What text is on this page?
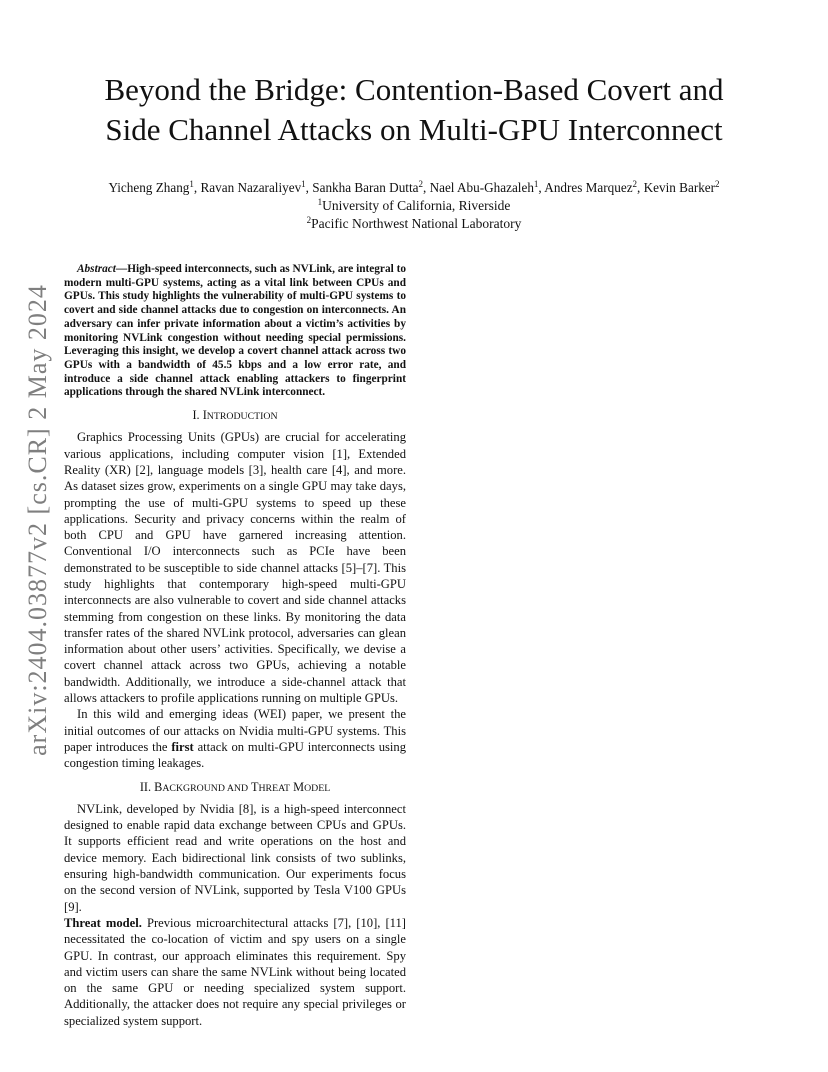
arXiv:2404.03877v2 [cs.CR] 2 May 2024
Beyond the Bridge: Contention-Based Covert and
Side Channel Attacks on Multi-GPU Interconnect
Yicheng Zhang$^1$, Ravan Nazaraliyev$^1$, Sankha Baran Dutta$^2$, Nael Abu-Ghazaleh$^1$, Andres Marquez$^2$, Kevin Barker$^2$
$^1$University of California, Riverside
$^2$Pacific Northwest National Laboratory

Abstract—High-speed interconnects, such as NVLink, are integral to modern multi-GPU systems, acting as a vital link between CPUs and GPUs. This study highlights the vulnerability of multi-GPU systems to covert and side channel attacks due to congestion on interconnects. An adversary can infer private information about a victim’s activities by monitoring NVLink congestion without needing special permissions. Leveraging this insight, we develop a covert channel attack across two GPUs with a bandwidth of 45.5 kbps and a low error rate, and introduce a side channel attack enabling attackers to fingerprint applications through the shared NVLink interconnect.

I. INTRODUCTION

Graphics Processing Units (GPUs) are crucial for accelerating various applications, including computer vision [1], Extended Reality (XR) [2], language models [3], health care [4], and more. As dataset sizes grow, experiments on a single GPU may take days, prompting the use of multi-GPU systems to speed up these applications. Security and privacy concerns within the realm of both CPU and GPU have garnered increasing attention. Conventional I/O interconnects such as PCIe have been demonstrated to be susceptible to side channel attacks [5]–[7]. This study highlights that contemporary high-speed multi-GPU interconnects are also vulnerable to covert and side channel attacks stemming from congestion on these links. By monitoring the data transfer rates of the shared NVLink protocol, adversaries can glean information about other users’ activities. Specifically, we devise a covert channel attack across two GPUs, achieving a notable bandwidth. Additionally, we introduce a side-channel attack that allows attackers to profile applications running on multiple GPUs.

In this wild and emerging ideas (WEI) paper, we present the initial outcomes of our attacks on Nvidia multi-GPU systems. This paper introduces the first attack on multi-GPU interconnects using congestion timing leakages.

II. BACKGROUND AND THREAT MODEL

NVLink, developed by Nvidia [8], is a high-speed interconnect designed to enable rapid data exchange between CPUs and GPUs. It supports efficient read and write operations on the host and device memory. Each bidirectional link consists of two sublinks, ensuring high-bandwidth communication. Our experiments focus on the second version of NVLink, supported by Tesla V100 GPUs [9].

Threat model. Previous microarchitectural attacks [7], [10], [11] necessitated the co-location of victim and spy users on a single GPU. In contrast, our approach eliminates this requirement. Spy and victim users can share the same NVLink without being located on the same GPU or needing specialized system support. Additionally, the attacker does not require any special privileges or specialized system support.
